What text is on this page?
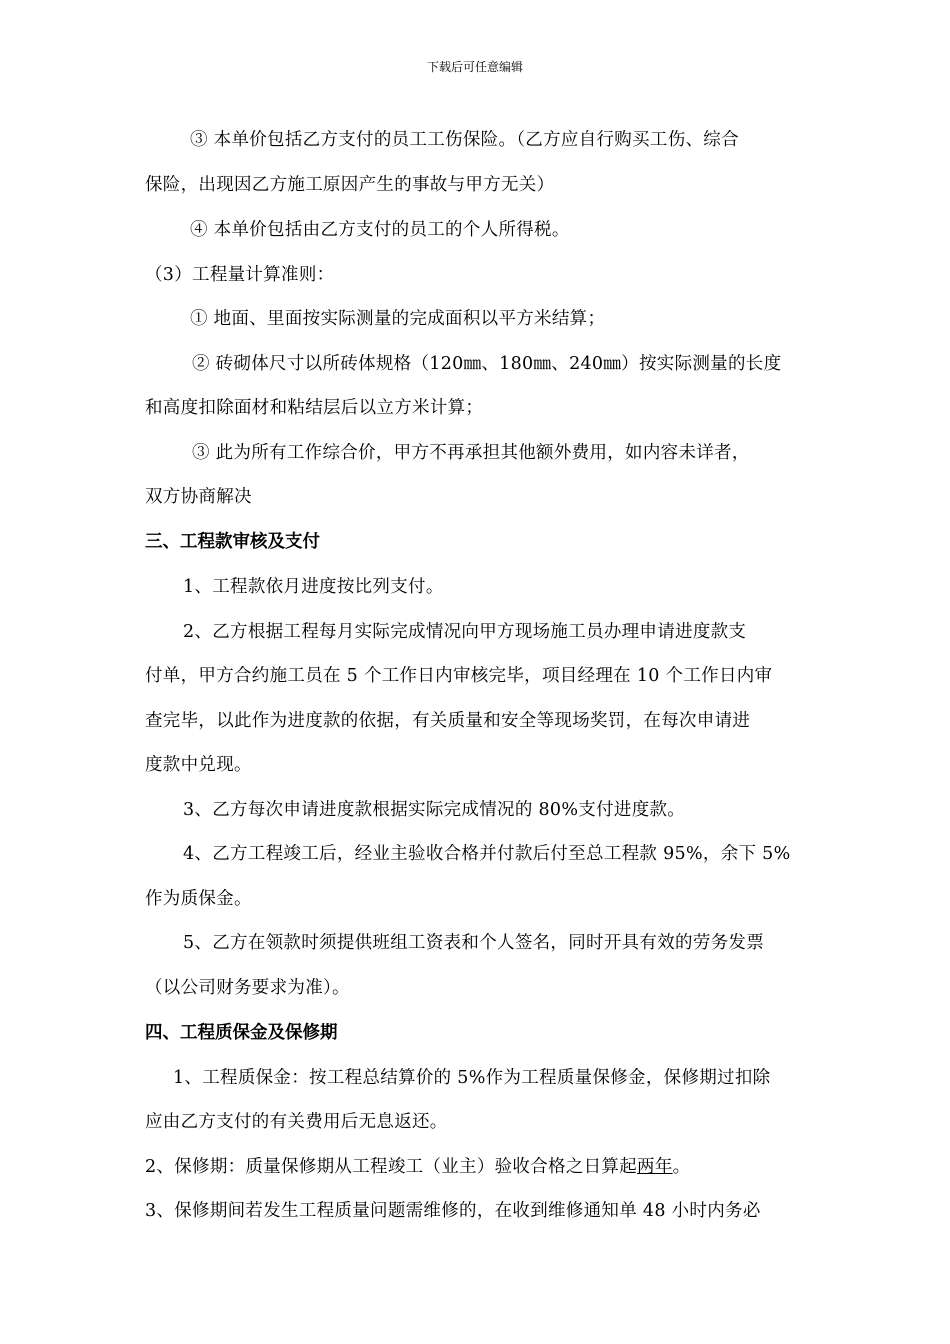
下载后可任意编辑
③ 本单价包括乙方支付的员工工伤保险。（乙方应自行购买工伤、综合
保险，出现因乙方施工原因产生的事故与甲方无关）
④ 本单价包括由乙方支付的员工的个人所得税。
（3）工程量计算准则：
① 地面、里面按实际测量的完成面积以平方米结算；
② 砖砌体尺寸以所砖体规格（120㎜、180㎜、240㎜）按实际测量的长度
和高度扣除面材和粘结层后以立方米计算；
③ 此为所有工作综合价，甲方不再承担其他额外费用，如内容未详者，
双方协商解决
三、工程款审核及支付
1、工程款依月进度按比列支付。
2、乙方根据工程每月实际完成情况向甲方现场施工员办理申请进度款支
付单，甲方合约施工员在 5 个工作日内审核完毕，项目经理在 10 个工作日内审
查完毕，以此作为进度款的依据，有关质量和安全等现场奖罚，在每次申请进
度款中兑现。
3、乙方每次申请进度款根据实际完成情况的 80%支付进度款。
4、乙方工程竣工后，经业主验收合格并付款后付至总工程款 95%，余下 5%
作为质保金。
5、乙方在领款时须提供班组工资表和个人签名，同时开具有效的劳务发票
（以公司财务要求为准）。
四、工程质保金及保修期
1、工程质保金：按工程总结算价的 5%作为工程质量保修金，保修期过扣除
应由乙方支付的有关费用后无息返还。
2、保修期：质量保修期从工程竣工（业主）验收合格之日算起两年。
3、保修期间若发生工程质量问题需维修的，在收到维修通知单 48 小时内务必
